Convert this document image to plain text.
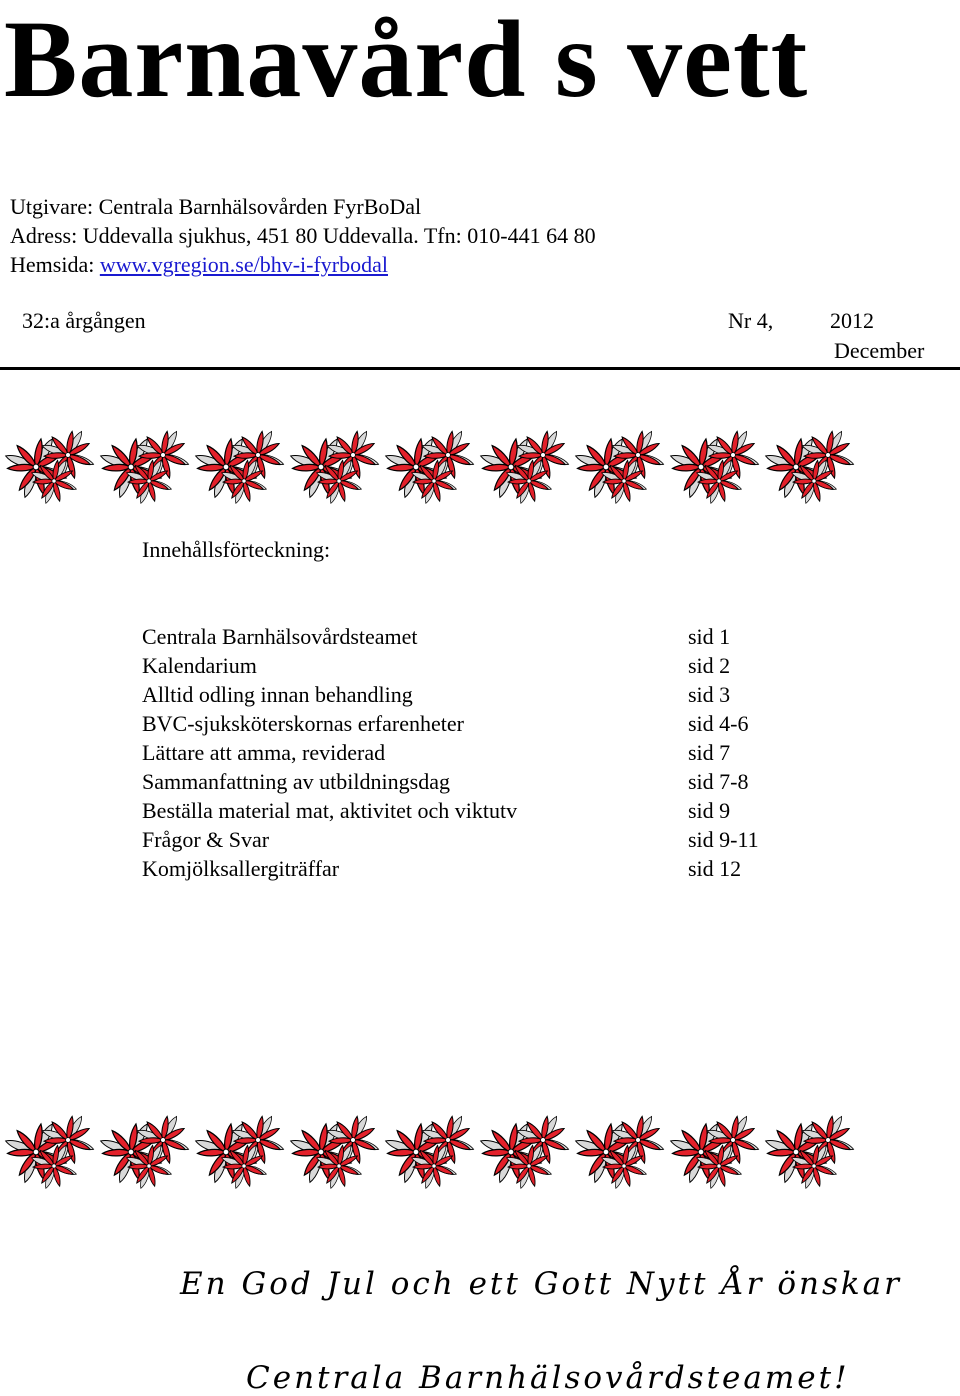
Barnavård s vett
Utgivare: Centrala Barnhälsovården FyrBoDal
Adress: Uddevalla sjukhus, 451 80 Uddevalla. Tfn: 010-441 64 80
Hemsida: www.vgregion.se/bhv-i-fyrbodal
32:a årgången	Nr 4,	2012
December
Innehållsförteckning:
Centrala Barnhälsovårdsteamet	sid 1
Kalendarium	sid 2
Alltid odling innan behandling	sid 3
BVC-sjuksköterskornas erfarenheter	sid 4-6
Lättare att amma, reviderad	sid 7
Sammanfattning av utbildningsdag	sid 7-8
Beställa material mat, aktivitet och viktutv	sid 9
Frågor & Svar	sid 9-11
Komjölksallergiträffar	sid 12
En God Jul och ett Gott Nytt År önskar
Centrala Barnhälsovårdsteamet!
